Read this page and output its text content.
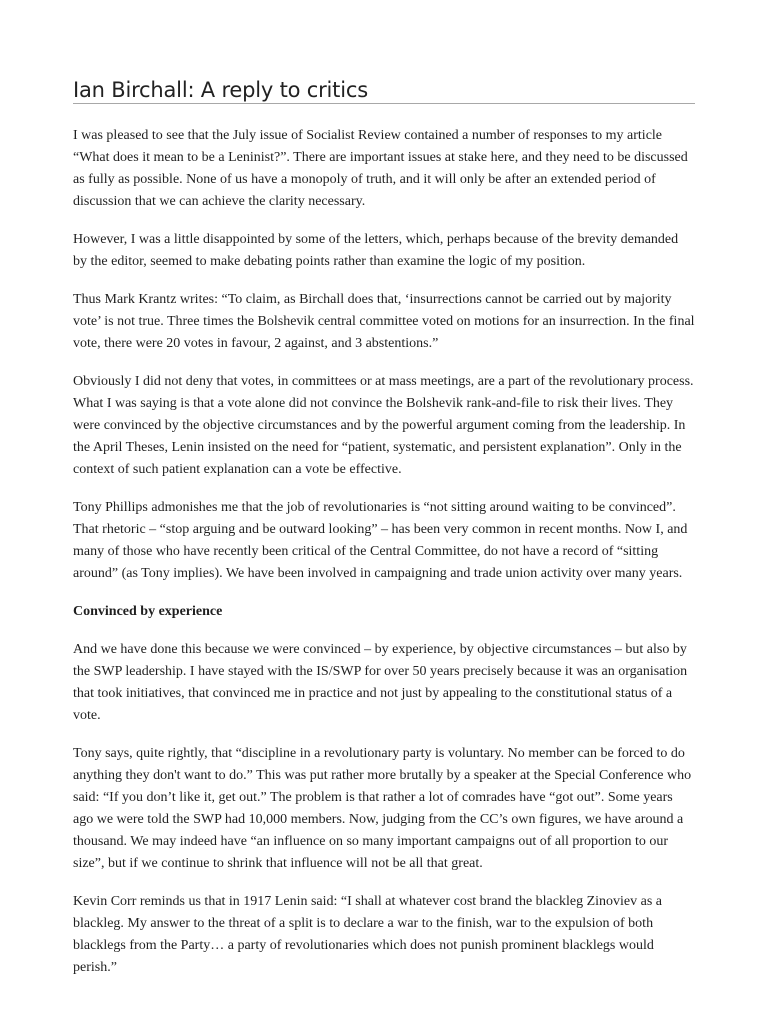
Ian Birchall: A reply to critics

I was pleased to see that the July issue of Socialist Review contained a number of responses to my article “What does it mean to be a Leninist?”. There are important issues at stake here, and they need to be discussed as fully as possible. None of us have a monopoly of truth, and it will only be after an extended period of discussion that we can achieve the clarity necessary.

However, I was a little disappointed by some of the letters, which, perhaps because of the brevity demanded by the editor, seemed to make debating points rather than examine the logic of my position.

Thus Mark Krantz writes: “To claim, as Birchall does that, ‘insurrections cannot be carried out by majority vote’ is not true. Three times the Bolshevik central committee voted on motions for an insurrection. In the final vote, there were 20 votes in favour, 2 against, and 3 abstentions.”

Obviously I did not deny that votes, in committees or at mass meetings, are a part of the revolutionary process. What I was saying is that a vote alone did not convince the Bolshevik rank-and-file to risk their lives. They were convinced by the objective circumstances and by the powerful argument coming from the leadership. In the April Theses, Lenin insisted on the need for “patient, systematic, and persistent explanation”. Only in the context of such patient explanation can a vote be effective.

Tony Phillips admonishes me that the job of revolutionaries is “not sitting around waiting to be convinced”. That rhetoric – “stop arguing and be outward looking” – has been very common in recent months. Now I, and many of those who have recently been critical of the Central Committee, do not have a record of “sitting around” (as Tony implies). We have been involved in campaigning and trade union activity over many years.

Convinced by experience

And we have done this because we were convinced – by experience, by objective circumstances – but also by the SWP leadership. I have stayed with the IS/SWP for over 50 years precisely because it was an organisation that took initiatives, that convinced me in practice and not just by appealing to the constitutional status of a vote.

Tony says, quite rightly, that “discipline in a revolutionary party is voluntary. No member can be forced to do anything they don't want to do.” This was put rather more brutally by a speaker at the Special Conference who said: “If you don’t like it, get out.” The problem is that rather a lot of comrades have “got out”. Some years ago we were told the SWP had 10,000 members. Now, judging from the CC’s own figures, we have around a thousand. We may indeed have “an influence on so many important campaigns out of all proportion to our size”, but if we continue to shrink that influence will not be all that great.

Kevin Corr reminds us that in 1917 Lenin said: “I shall at whatever cost brand the blackleg Zinoviev as a blackleg. My answer to the threat of a split is to declare a war to the finish, war to the expulsion of both blacklegs from the Party… a party of revolutionaries which does not punish prominent blacklegs would perish.”
